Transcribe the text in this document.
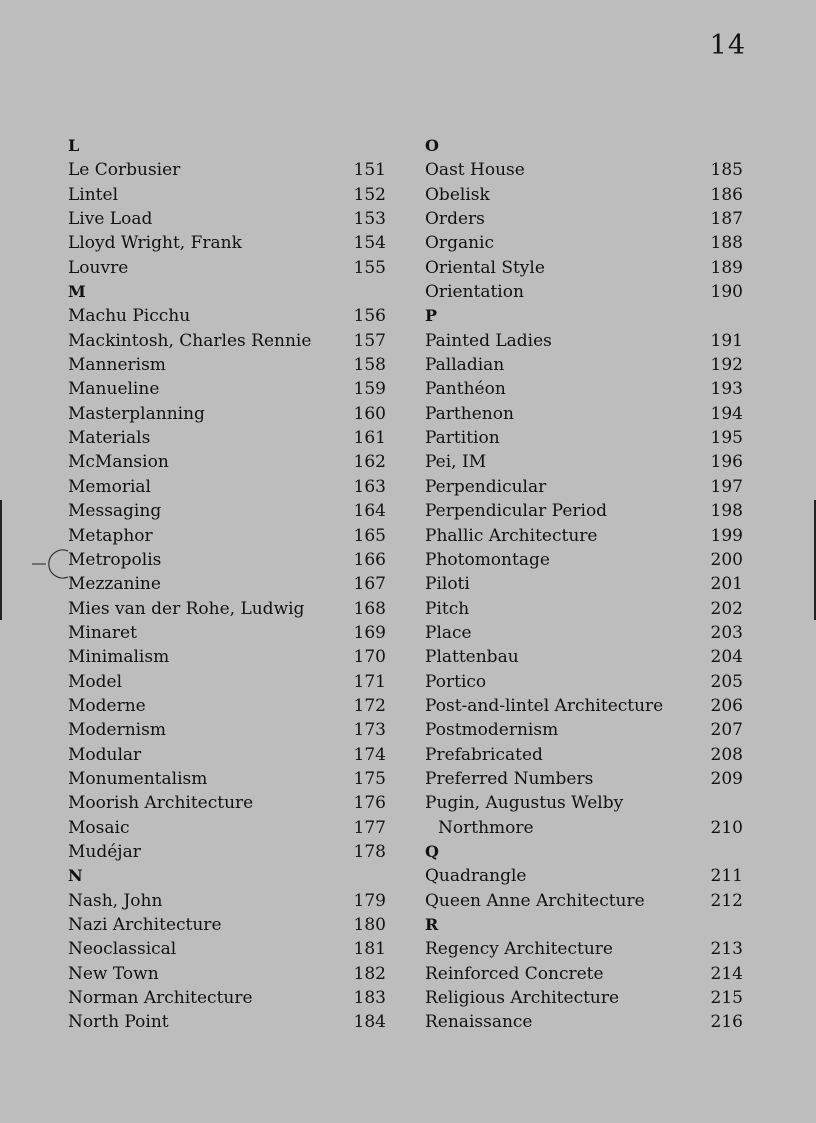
14
L
Le Corbusier	151
Lintel	152
Live Load	153
Lloyd Wright, Frank	154
Louvre	155
M
Machu Picchu	156
Mackintosh, Charles Rennie 157
Mannerism	158
Manueline	159
Masterplanning	160
Materials	161
McMansion	162
Memorial	163
Messaging	164
Metaphor	165
Metropolis	166
Mezzanine	167
Mies van der Rohe, Ludwig	168
Minaret	169
Minimalism	170
Model	171
Moderne	172
Modernism	173
Modular	174
Monumentalism	175
Moorish Architecture	176
Mosaic	177
Mudéjar	178
N
Nash, John	179
Nazi Architecture	180
Neoclassical	181
New Town	182
Norman Architecture	183
North Point	184
O
Oast House	185
Obelisk	186
Orders	187
Organic	188
Oriental Style	189
Orientation	190
P
Painted Ladies	191
Palladian	192
Panthéon	193
Parthenon	194
Partition	195
Pei, IM	196
Perpendicular	197
Perpendicular Period	198
Phallic Architecture	199
Photomontage	200
Piloti	201
Pitch	202
Place	203
Plattenbau	204
Portico	205
Post-and-lintel Architecture	206
Postmodernism	207
Prefabricated	208
Preferred Numbers	209
Pugin, Augustus Welby
Northmore	210
Q
Quadrangle	211
Queen Anne Architecture	212
R
Regency Architecture	213
Reinforced Concrete	214
Religious Architecture	215
Renaissance	216
